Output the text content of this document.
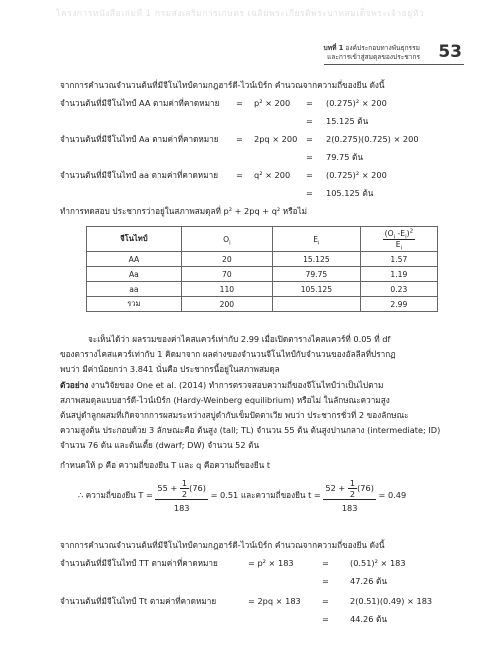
โครงการหนังสือเล่มที่ 1 กรมส่งเสริมการเกษตร เฉลิมพระเกียรติพระบาทสมเด็จพระเจ้าอยู่หัว
บทที่ 1 องค์ประกอบทางพันธุกรรม
และการเข้าสู่สมดุลของประชากร 53
จากการคำนวณจำนวนต้นที่มีจีโนไทป์ตามกฎฮาร์ดี-ไวน์เบิร์ก คำนวณจากความถี่ของยีน ดังนี้
จำนวนต้นที่มีจีโนไทป์ AA ตามค่าที่คาดหมาย = p² × 200 = (0.275)² × 200
= 15.125 ต้น
จำนวนต้นที่มีจีโนไทป์ Aa ตามค่าที่คาดหมาย = 2pq × 200 = 2(0.275)(0.725) × 200
= 79.75 ต้น
จำนวนต้นที่มีจีโนไทป์ aa ตามค่าที่คาดหมาย = q² × 200 = (0.725)² × 200
= 105.125 ต้น
ทำการทดสอบ ประชากรว่าอยู่ในสภาพสมดุลที่ p² + 2pq + q² หรือไม่
จีโนไทป์	$O_i$	$E_i$	$\frac{(O_i -E_i)^2}{E_i}$

AA	20	15.125	1.57
Aa	70	79.75	1.19
aa	110	105.125	0.23
รวม	200		2.99
จะเห็นได้ว่า ผลรวมของค่าไคสแควร์เท่ากับ 2.99 เมื่อเปิดตารางไคสแควร์ที่ 0.05 ที่ df
ของตารางไคสแควร์เท่ากับ 1 คิดมาจาก ผลต่างของจำนวนจีโนไทป์กับจำนวนของอัลลีลที่ปรากฏ
พบว่า มีค่าน้อยกว่า 3.841 นั่นคือ ประชากรนี้อยู่ในสภาพสมดุล
ตัวอย่าง งานวิจัยของ One et al. (2014) ทำการตรวจสอบความถี่ของจีโนไทป์ว่าเป็นไปตาม
สภาพสมดุลแบบฮาร์ดี-ไวน์เบิร์ก (Hardy-Weinberg equilibrium) หรือไม่ ในลักษณะความสูง
ต้นสบู่ดำลูกผสมที่เกิดจากการผสมระหว่างสบู่ดำกับเข็มปัตตาเวีย พบว่า ประชากรชั่วที่ 2 ของลักษณะ
ความสูงต้น ประกอบด้วย 3 ลักษณะคือ ต้นสูง (tall; TL) จำนวน 55 ต้น ต้นสูงปานกลาง (intermediate; ID)
จำนวน 76 ต้น และต้นเตี้ย (dwarf; DW) จำนวน 52 ต้น
กำหนดให้ p คือ ความถี่ของยีน T และ q คือความถี่ของยีน t
∴ ความถี่ของยีน $T = \frac{55 + \frac{1}{2} (76)}{183} = 0.51$ และความถี่ของยีน $t = \frac{52 + \frac{1}{2} (76)}{183} = 0.49$
จากการคำนวณจำนวนต้นที่มีจีโนไทป์ตามกฎฮาร์ดี-ไวน์เบิร์ก คำนวณจากความถี่ของยีน ดังนี้
จำนวนต้นที่มีจีโนไทป์ TT ตามค่าที่คาดหมาย	= p² × 183	=	(0.51)² × 183
=	47.26 ต้น
จำนวนต้นที่มีจีโนไทป์ Tt ตามค่าที่คาดหมาย	= 2pq × 183	=	2(0.51)(0.49) × 183
=	44.26 ต้น
